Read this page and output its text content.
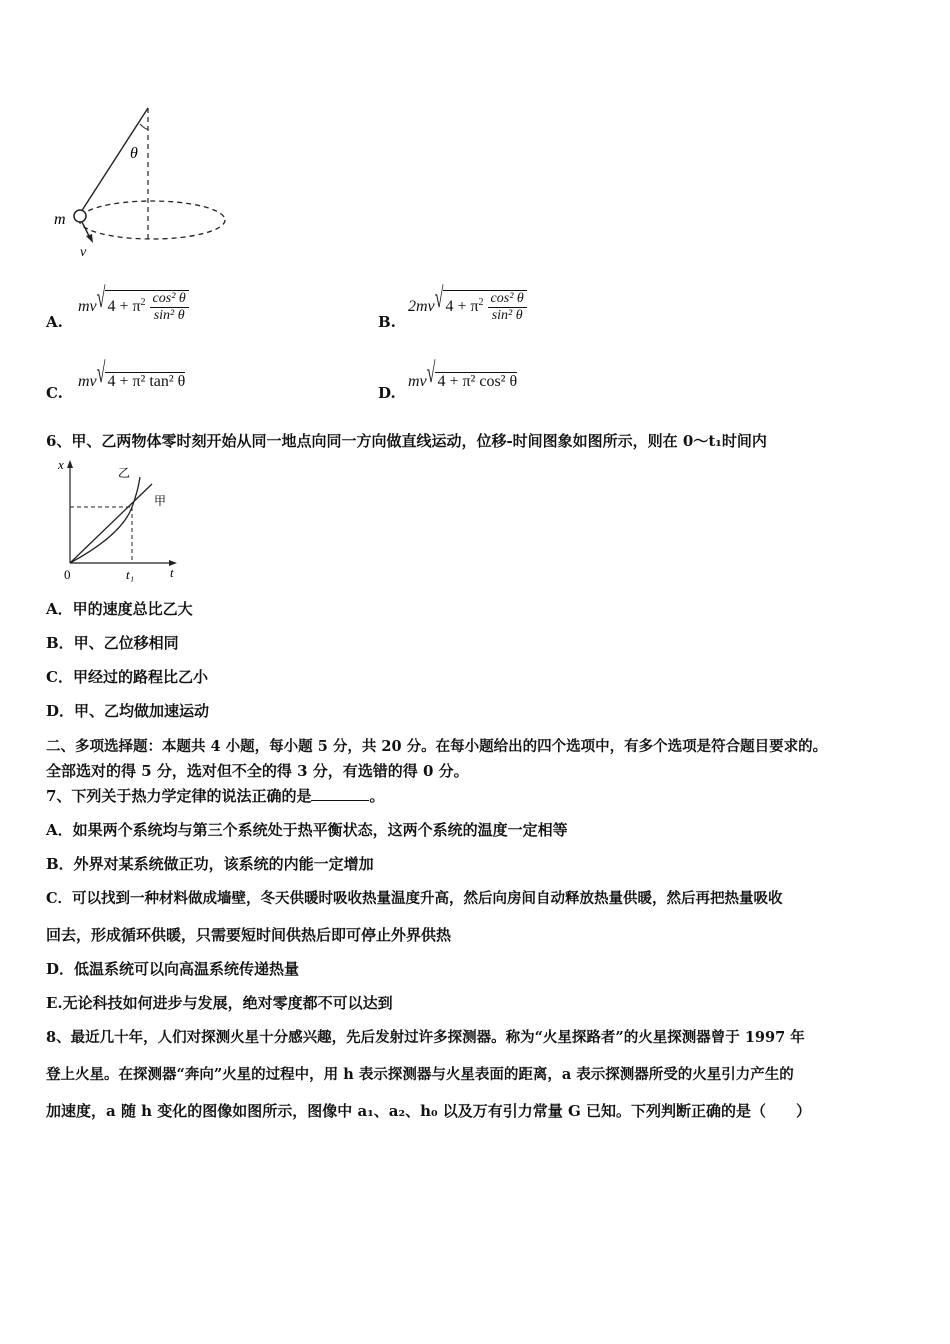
θ
m
v
A.
mv√ $4 + \pi^2 \frac{\text{cos² θ}}{\text{sin² θ}}$	B.
2mv√ $4 + \pi^2 \frac{\text{cos² θ}}{\text{sin² θ}}$
C.
mv√ 4 + π² tan² θ
D.
mv√ 4 + π² cos² θ
6、甲、乙两物体零时刻开始从同一地点向同一方向做直线运动，位移-时间图象如图所示，则在 0～t₁时间内
x
t
0	t₁
乙
甲
A．甲的速度总比乙大
B．甲、乙位移相同
C．甲经过的路程比乙小
D．甲、乙均做加速运动
二、多项选择题：本题共 4 小题，每小题 5 分，共 20 分。在每小题给出的四个选项中，有多个选项是符合题目要求的。
全部选对的得 5 分，选对但不全的得 3 分，有选错的得 0 分。
7、下列关于热力学定律的说法正确的是	。
A．如果两个系统均与第三个系统处于热平衡状态，这两个系统的温度一定相等
B．外界对某系统做正功，该系统的内能一定增加
C．可以找到一种材料做成墙壁，冬天供暖时吸收热量温度升高，然后向房间自动释放热量供暖，然后再把热量吸收
回去，形成循环供暖，只需要短时间供热后即可停止外界供热
D．低温系统可以向高温系统传递热量
E.无论科技如何进步与发展，绝对零度都不可以达到
8、最近几十年，人们对探测火星十分感兴趣，先后发射过许多探测器。称为“火星探路者”的火星探测器曾于 1997 年
登上火星。在探测器“奔向”火星的过程中，用 h 表示探测器与火星表面的距离，a 表示探测器所受的火星引力产生的
加速度，a 随 h 变化的图像如图所示，图像中 a₁、a₂、h₀ 以及万有引力常量 G 已知。下列判断正确的是（　　）
